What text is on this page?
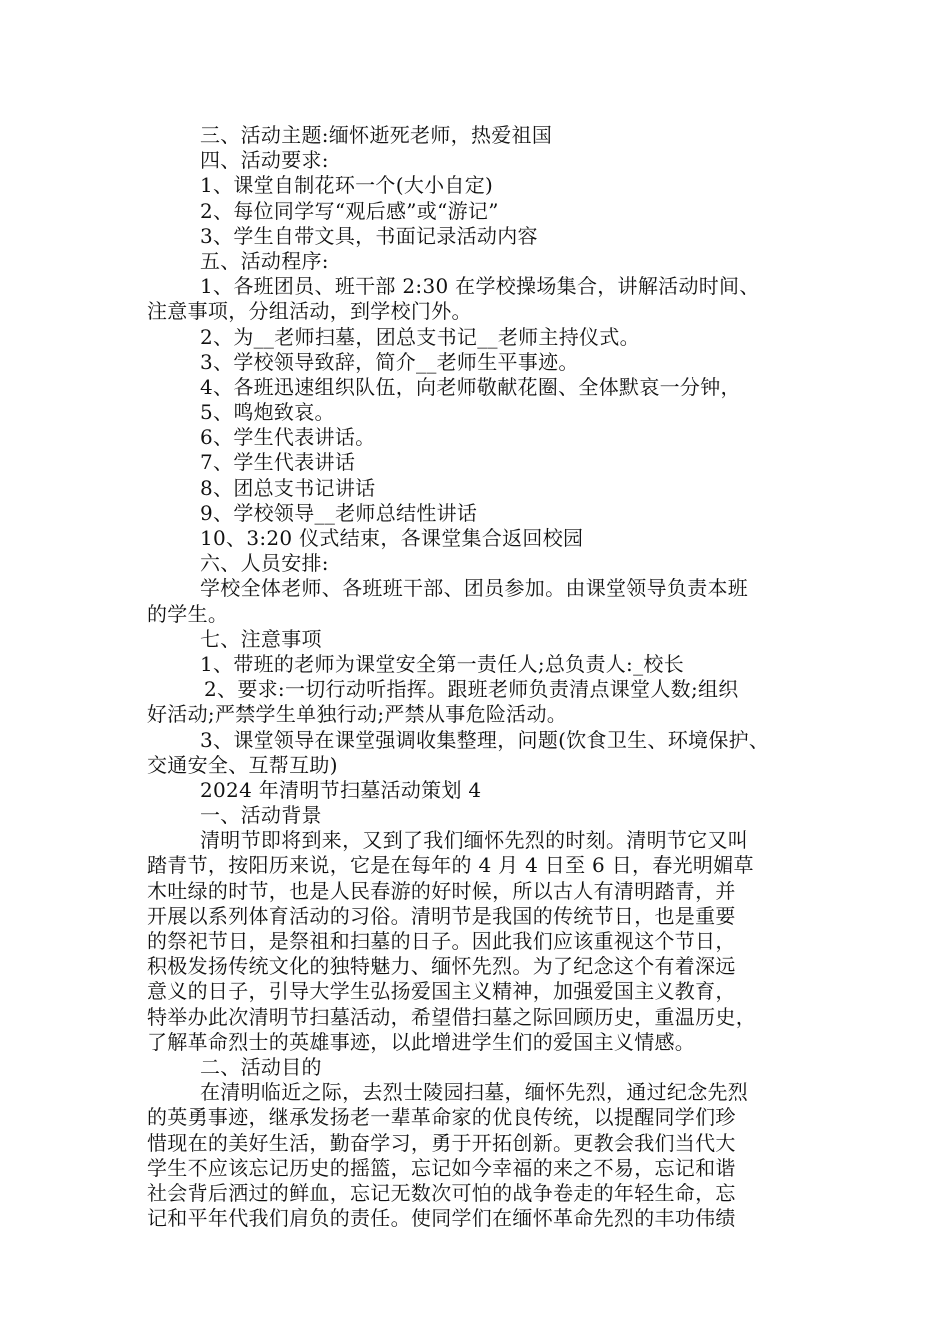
三、活动主题:缅怀逝死老师，热爱祖国
四、活动要求:
1、课堂自制花环一个(大小自定)
2、每位同学写“观后感”或“游记”
3、学生自带文具，书面记录活动内容
五、活动程序:
1、各班团员、班干部 2:30 在学校操场集合，讲解活动时间、
注意事项，分组活动，到学校门外。
2、为__老师扫墓，团总支书记__老师主持仪式。
3、学校领导致辞，简介__老师生平事迹。
4、各班迅速组织队伍，向老师敬献花圈、全体默哀一分钟，
5、鸣炮致哀。
6、学生代表讲话。
7、学生代表讲话
8、团总支书记讲话
9、学校领导__老师总结性讲话
10、3:20 仪式结束，各课堂集合返回校园
六、人员安排:
学校全体老师、各班班干部、团员参加。由课堂领导负责本班
的学生。
七、注意事项
1、带班的老师为课堂安全第一责任人;总负责人:_校长
2、要求:一切行动听指挥。跟班老师负责清点课堂人数;组织
好活动;严禁学生单独行动;严禁从事危险活动。
3、课堂领导在课堂强调收集整理，问题(饮食卫生、环境保护、
交通安全、互帮互助)
2024 年清明节扫墓活动策划 4
一、活动背景
清明节即将到来，又到了我们缅怀先烈的时刻。清明节它又叫
踏青节，按阳历来说，它是在每年的 4 月 4 日至 6 日，春光明媚草
木吐绿的时节，也是人民春游的好时候，所以古人有清明踏青，并
开展以系列体育活动的习俗。清明节是我国的传统节日，也是重要
的祭祀节日，是祭祖和扫墓的日子。因此我们应该重视这个节日，
积极发扬传统文化的独特魅力、缅怀先烈。为了纪念这个有着深远
意义的日子，引导大学生弘扬爱国主义精神，加强爱国主义教育，
特举办此次清明节扫墓活动，希望借扫墓之际回顾历史，重温历史，
了解革命烈士的英雄事迹，以此增进学生们的爱国主义情感。
二、活动目的
在清明临近之际，去烈士陵园扫墓，缅怀先烈，通过纪念先烈
的英勇事迹，继承发扬老一辈革命家的优良传统，以提醒同学们珍
惜现在的美好生活，勤奋学习，勇于开拓创新。更教会我们当代大
学生不应该忘记历史的摇篮，忘记如今幸福的来之不易，忘记和谐
社会背后洒过的鲜血，忘记无数次可怕的战争卷走的年轻生命，忘
记和平年代我们肩负的责任。使同学们在缅怀革命先烈的丰功伟绩
